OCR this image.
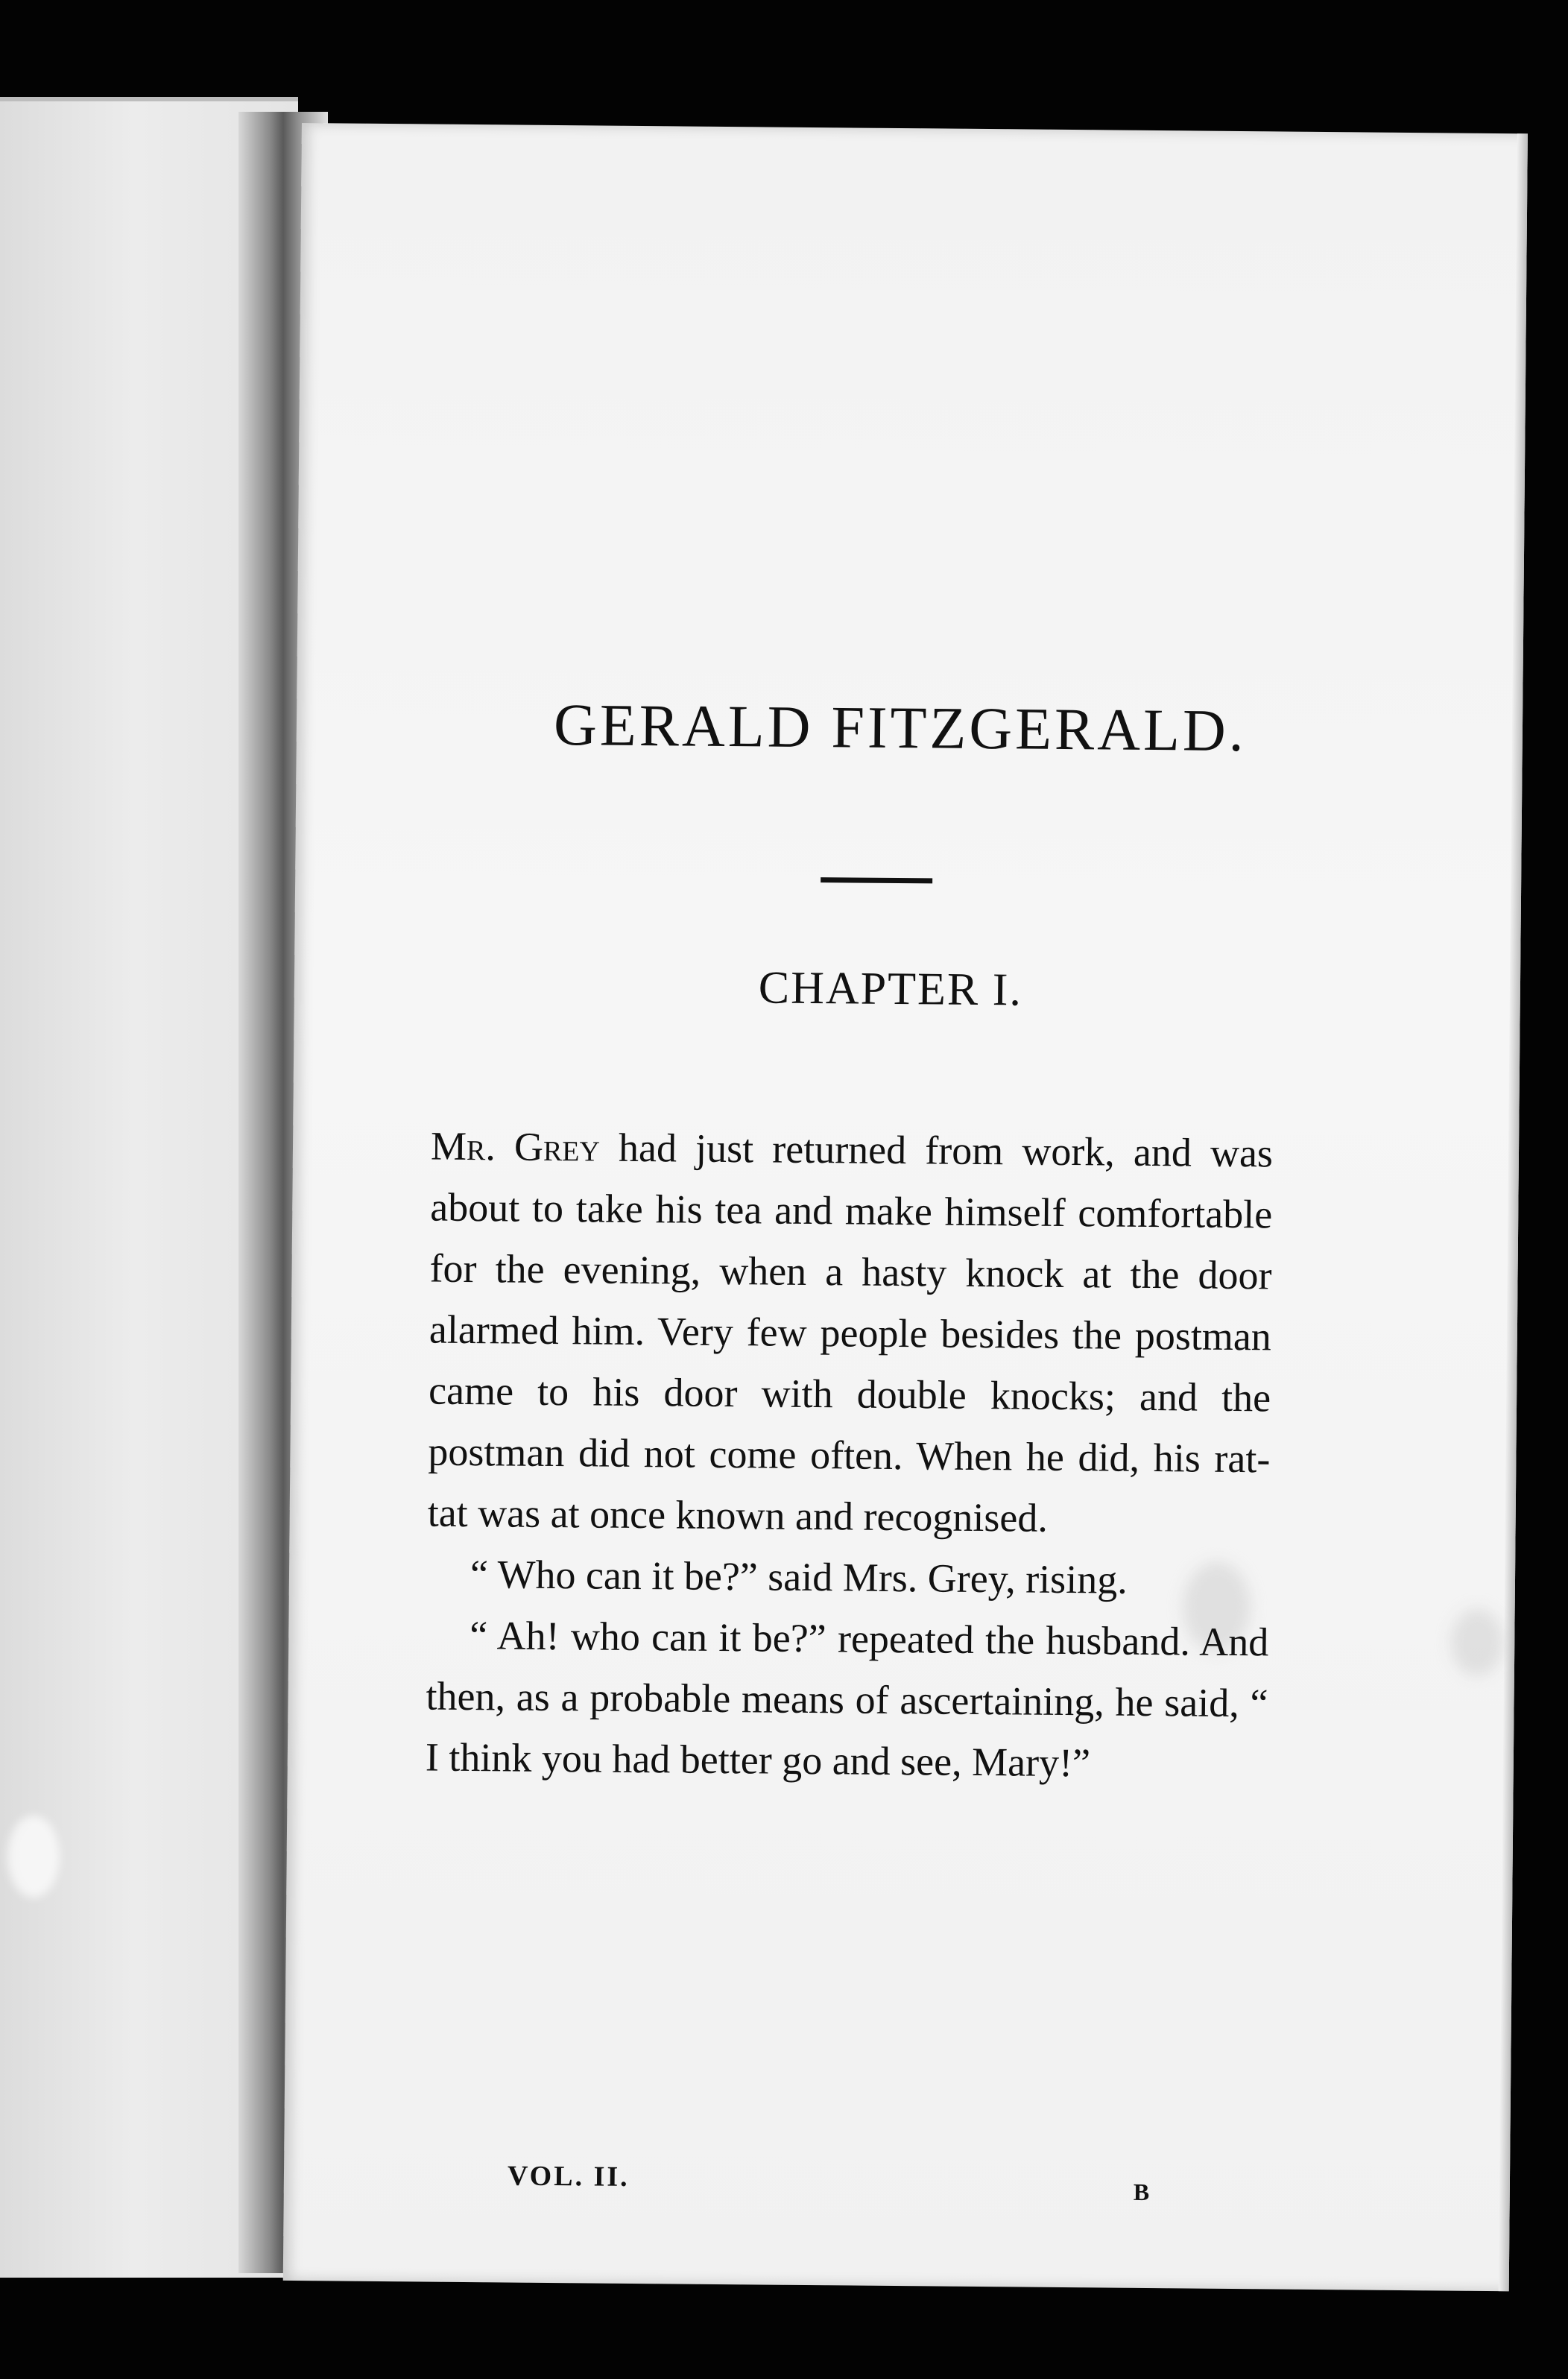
GERALD FITZGERALD.
CHAPTER I.

Mr. Grey had just returned from work, and was about to take his tea and make himself comfortable for the evening, when a hasty knock at the door alarmed him. Very few people besides the postman came to his door with double knocks; and the postman did not come often. When he did, his rat-tat was at once known and recognised.

“ Who can it be?” said Mrs. Grey, rising.

“ Ah! who can it be?” repeated the husband. And then, as a probable means of ascertaining, he said, “ I think you had better go and see, Mary!”

VOL. II.	B
